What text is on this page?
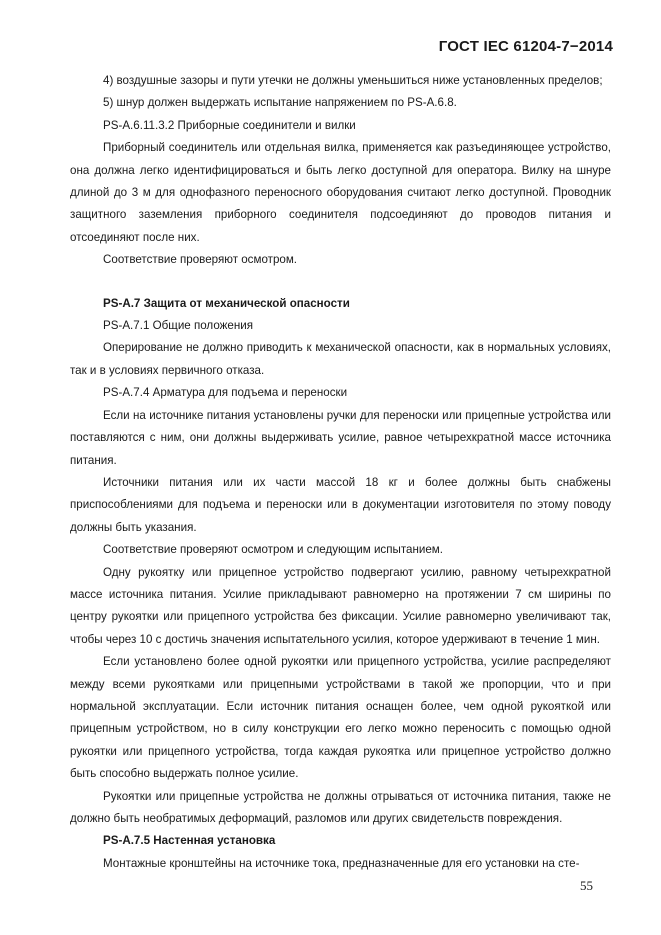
ГОСТ IEC 61204-7−2014

4) воздушные зазоры и пути утечки не должны уменьшиться ниже установленных пределов;

5) шнур должен выдержать испытание напряжением по PS-A.6.8.

PS-A.6.11.3.2 Приборные соединители и вилки

Приборный соединитель или отдельная вилка, применяется как разъединяющее устройство, она должна легко идентифицироваться и быть легко доступной для оператора. Вилку на шнуре длиной до 3 м для однофазного переносного оборудования считают легко доступной. Проводник защитного заземления приборного соединителя подсоединяют до проводов питания и отсоединяют после них.

Соответствие проверяют осмотром.

PS-A.7 Защита от механической опасности

PS-A.7.1 Общие положения

Оперирование не должно приводить к механической опасности, как в нормальных условиях, так и в условиях первичного отказа.

PS-A.7.4 Арматура для подъема и переноски

Если на источнике питания установлены ручки для переноски или прицепные устройства или поставляются с ним, они должны выдерживать усилие, равное четырехкратной массе источника питания.

Источники питания или их части массой 18 кг и более должны быть снабжены приспособлениями для подъема и переноски или в документации изготовителя по этому поводу должны быть указания.

Соответствие проверяют осмотром и следующим испытанием.

Одну рукоятку или прицепное устройство подвергают усилию, равному четырехкратной массе источника питания. Усилие прикладывают равномерно на протяжении 7 см ширины по центру рукоятки или прицепного устройства без фиксации. Усилие равномерно увеличивают так, чтобы через 10 с достичь значения испытательного усилия, которое удерживают в течение 1 мин.

Если установлено более одной рукоятки или прицепного устройства, усилие распределяют между всеми рукоятками или прицепными устройствами в такой же пропорции, что и при нормальной эксплуатации. Если источник питания оснащен более, чем одной рукояткой или прицепным устройством, но в силу конструкции его легко можно переносить с помощью одной рукоятки или прицепного устройства, тогда каждая рукоятка или прицепное устройство должно быть способно выдержать полное усилие.

Рукоятки или прицепные устройства не должны отрываться от источника питания, также не должно быть необратимых деформаций, разломов или других свидетельств повреждения.

PS-A.7.5 Настенная установка

Монтажные кронштейны на источнике тока, предназначенные для его установки на сте-

55
